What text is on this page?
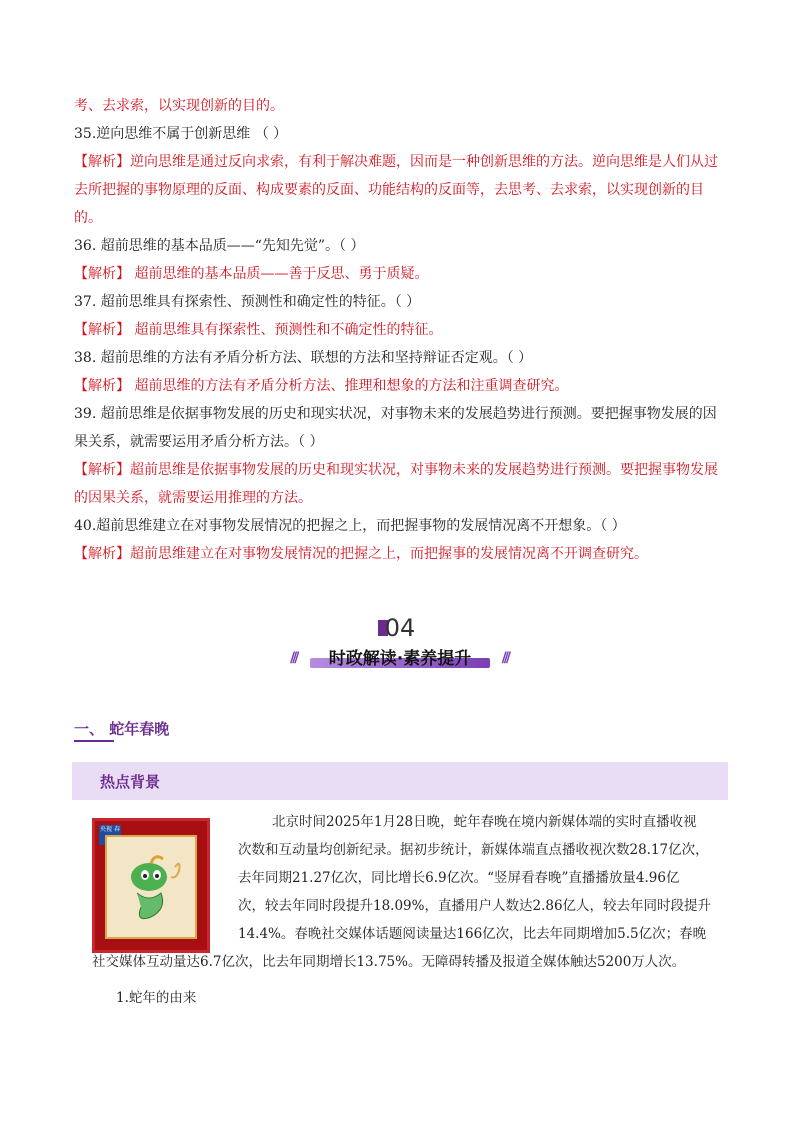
考、去求索，以实现创新的目的。
35.逆向思维不属于创新思维 （ ）
【解析】逆向思维是通过反向求索，有利于解决难题，因而是一种创新思维的方法。逆向思维是人们从过
去所把握的事物原理的反面、构成要素的反面、功能结构的反面等，去思考、去求索，以实现创新的目
的。
36. 超前思维的基本品质——“先知先觉”。（ ）
【解析】 超前思维的基本品质——善于反思、勇于质疑。
37. 超前思维具有探索性、预测性和确定性的特征。（ ）
【解析】 超前思维具有探索性、预测性和不确定性的特征。
38. 超前思维的方法有矛盾分析方法、联想的方法和坚持辩证否定观。（ ）
【解析】 超前思维的方法有矛盾分析方法、推理和想象的方法和注重调查研究。
39. 超前思维是依据事物发展的历史和现实状况，对事物未来的发展趋势进行预测。要把握事物发展的因
果关系，就需要运用矛盾分析方法。（ ）
【解析】超前思维是依据事物发展的历史和现实状况，对事物未来的发展趋势进行预测。要把握事物发展
的因果关系，就需要运用推理的方法。
40.超前思维建立在对事物发展情况的把握之上，而把握事物的发展情况离不开想象。（ ）
【解析】超前思维建立在对事物发展情况的把握之上，而把握事的发展情况离不开调查研究。
04
///	时政解读·素养提升	///
一、 蛇年春晚
热点背景
央视 春	北京时间2025年1月28日晚，蛇年春晚在境内新媒体端的实时直播收视
次数和互动量均创新纪录。据初步统计，新媒体端直点播收视次数28.17亿次，
去年同期21.27亿次，同比增长6.9亿次。“竖屏看春晚”直播播放量4.96亿
次，较去年同时段提升18.09%，直播用户人数达2.86亿人，较去年同时段提升
14.4%。春晚社交媒体话题阅读量达166亿次，比去年同期增加5.5亿次；春晚
社交媒体互动量达6.7亿次，比去年同期增长13.75%。无障碍转播及报道全媒体触达5200万人次。
1.蛇年的由来
